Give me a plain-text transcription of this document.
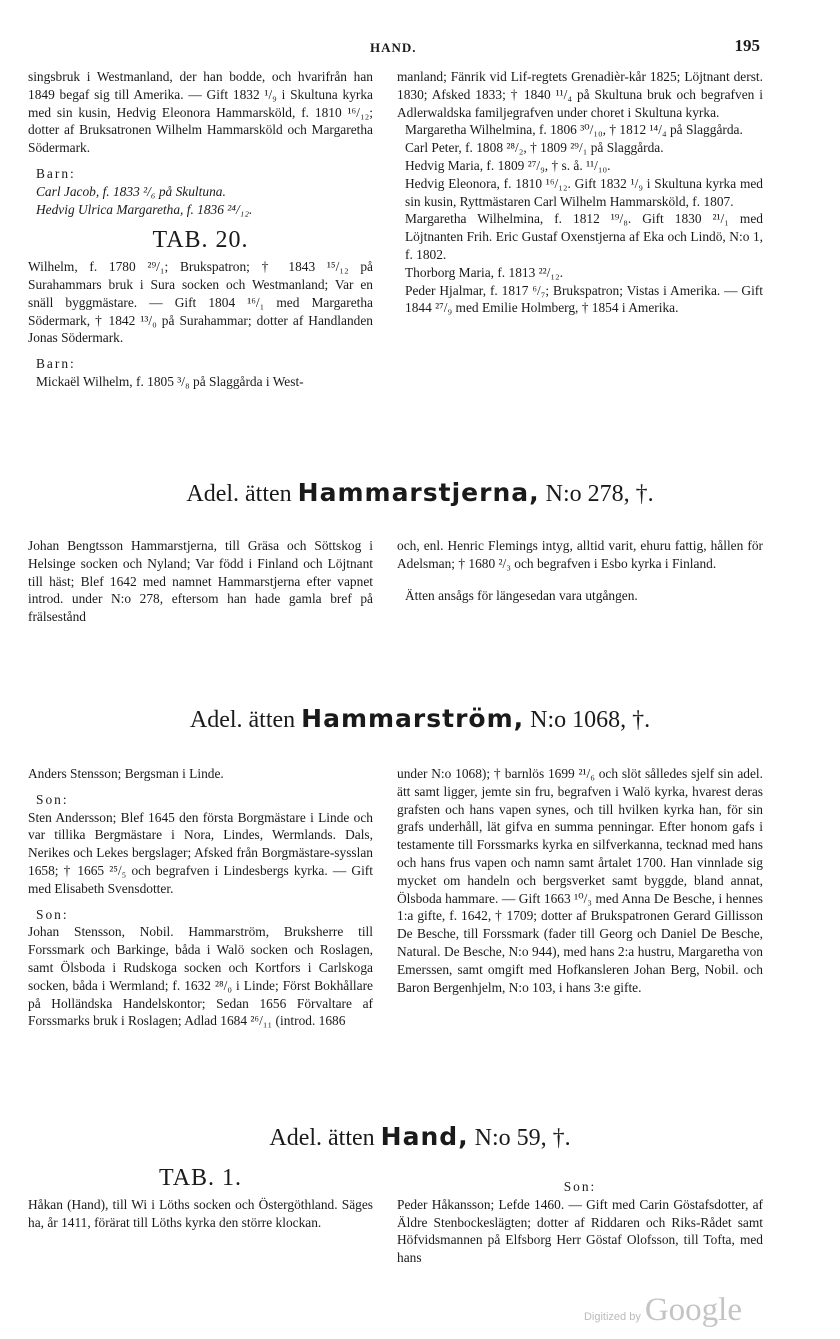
HAND.	195

singsbruk i Westmanland, der han bodde, och hvarifrån han 1849 begaf sig till Amerika. — Gift 1832 ¹/₉ i Skultuna kyrka med sin kusin, Hedvig Eleonora Hammarsköld, f. 1810 ¹⁶/₁₂; dotter af Bruksatronen Wilhelm Hammarsköld och Margaretha Södermark.

Barn:

Carl Jacob, f. 1833 ²/₆ på Skultuna.

Hedvig Ulrica Margaretha, f. 1836 ²⁴/₁₂.

TAB. 20.

Wilhelm, f. 1780 ²⁹/₁; Brukspatron; † 1843 ¹⁵/₁₂ på Surahammars bruk i Sura socken och Westmanland; Var en snäll byggmästare. — Gift 1804 ¹⁶/₁ med Margaretha Södermark, † 1842 ¹³/₀ på Surahammar; dotter af Handlanden Jonas Södermark.

Barn:

Mickaël Wilhelm, f. 1805 ³/₈ på Slaggårda i West-

manland; Fänrik vid Lif-regtets Grenadièr-kår 1825; Löjtnant derst. 1830; Afsked 1833; † 1840 ¹¹/₄ på Skultuna bruk och begrafven i Adlerwaldska familjegrafven under choret i Skultuna kyrka.

Margaretha Wilhelmina, f. 1806 ³⁰/₁₀, † 1812 ¹⁴/₄ på Slaggårda.

Carl Peter, f. 1808 ²⁸/₂, † 1809 ²⁹/₁ på Slaggårda.

Hedvig Maria, f. 1809 ²⁷/₉, † s. å. ¹¹/₁₀.

Hedvig Eleonora, f. 1810 ¹⁶/₁₂. Gift 1832 ¹/₉ i Skultuna kyrka med sin kusin, Ryttmästaren Carl Wilhelm Hammarsköld, f. 1807.

Margaretha Wilhelmina, f. 1812 ¹⁹/₈. Gift 1830 ²¹/₁ med Löjtnanten Frih. Eric Gustaf Oxenstjerna af Eka och Lindö, N:o 1, f. 1802.

Thorborg Maria, f. 1813 ²²/₁₂.

Peder Hjalmar, f. 1817 ⁶/₇; Brukspatron; Vistas i Amerika. — Gift 1844 ²⁷/₉ med Emilie Holmberg, † 1854 i Amerika.

Adel. ätten Hammarstjerna, N:o 278, †.

Johan Bengtsson Hammarstjerna, till Gräsa och Söttskog i Helsinge socken och Nyland; Var född i Finland och Löjtnant till häst; Blef 1642 med namnet Hammarstjerna efter vapnet introd. under N:o 278, eftersom han hade gamla bref på frälsestånd

och, enl. Henric Flemings intyg, alltid varit, ehuru fattig, hållen för Adelsman; † 1680 ²/₃ och begrafven i Esbo kyrka i Finland.

Ätten ansågs för längesedan vara utgången.

Adel. ätten Hammarström, N:o 1068, †.

Anders Stensson; Bergsman i Linde.

Son:

Sten Andersson; Blef 1645 den första Borgmästare i Linde och var tillika Bergmästare i Nora, Lindes, Wermlands. Dals, Nerikes och Lekes bergslager; Afsked från Borgmästare-sysslan 1658; † 1665 ²⁵/₅ och begrafven i Lindesbergs kyrka. — Gift med Elisabeth Svensdotter.

Son:

Johan Stensson, Nobil. Hammarström, Bruksherre till Forssmark och Barkinge, båda i Walö socken och Roslagen, samt Ölsboda i Rudskoga socken och Kortfors i Carlskoga socken, båda i Wermland; f. 1632 ²⁸/₀ i Linde; Först Bokhållare på Holländska Handelskontor; Sedan 1656 Förvaltare af Forssmarks bruk i Roslagen; Adlad 1684 ²⁶/₁₁ (introd. 1686

under N:o 1068); † barnlös 1699 ²¹/₆ och slöt sålledes sjelf sin adel. ätt samt ligger, jemte sin fru, begrafven i Walö kyrka, hvarest deras grafsten och hans vapen synes, och till hvilken kyrka han, för sin grafs underhåll, lät gifva en summa penningar. Efter honom gafs i testamente till Forssmarks kyrka en silfverkanna, tecknad med hans och hans frus vapen och namn samt årtalet 1700. Han vinnlade sig mycket om handeln och bergsverket samt byggde, bland annat, Ölsboda hammare. — Gift 1663 ¹⁰/₃ med Anna De Besche, i hennes 1:a gifte, f. 1642, † 1709; dotter af Brukspatronen Gerard Gillisson De Besche, till Forssmark (fader till Georg och Daniel De Besche, Natural. De Besche, N:o 944), med hans 2:a hustru, Margaretha von Emerssen, samt omgift med Hofkansleren Johan Berg, Nobil. och Baron Bergenhjelm, N:o 103, i hans 3:e gifte.

Adel. ätten Hand, N:o 59, †.

TAB. 1.

Håkan (Hand), till Wi i Löths socken och Östergöthland. Säges ha, år 1411, förärat till Löths kyrka den större klockan.

Son:

Peder Håkansson; Lefde 1460. — Gift med Carin Göstafsdotter, af Äldre Stenbockeslägten; dotter af Riddaren och Riks-Rådet samt Höfvidsmannen på Elfsborg Herr Göstaf Olofsson, till Tofta, med hans

Digitized by Google
